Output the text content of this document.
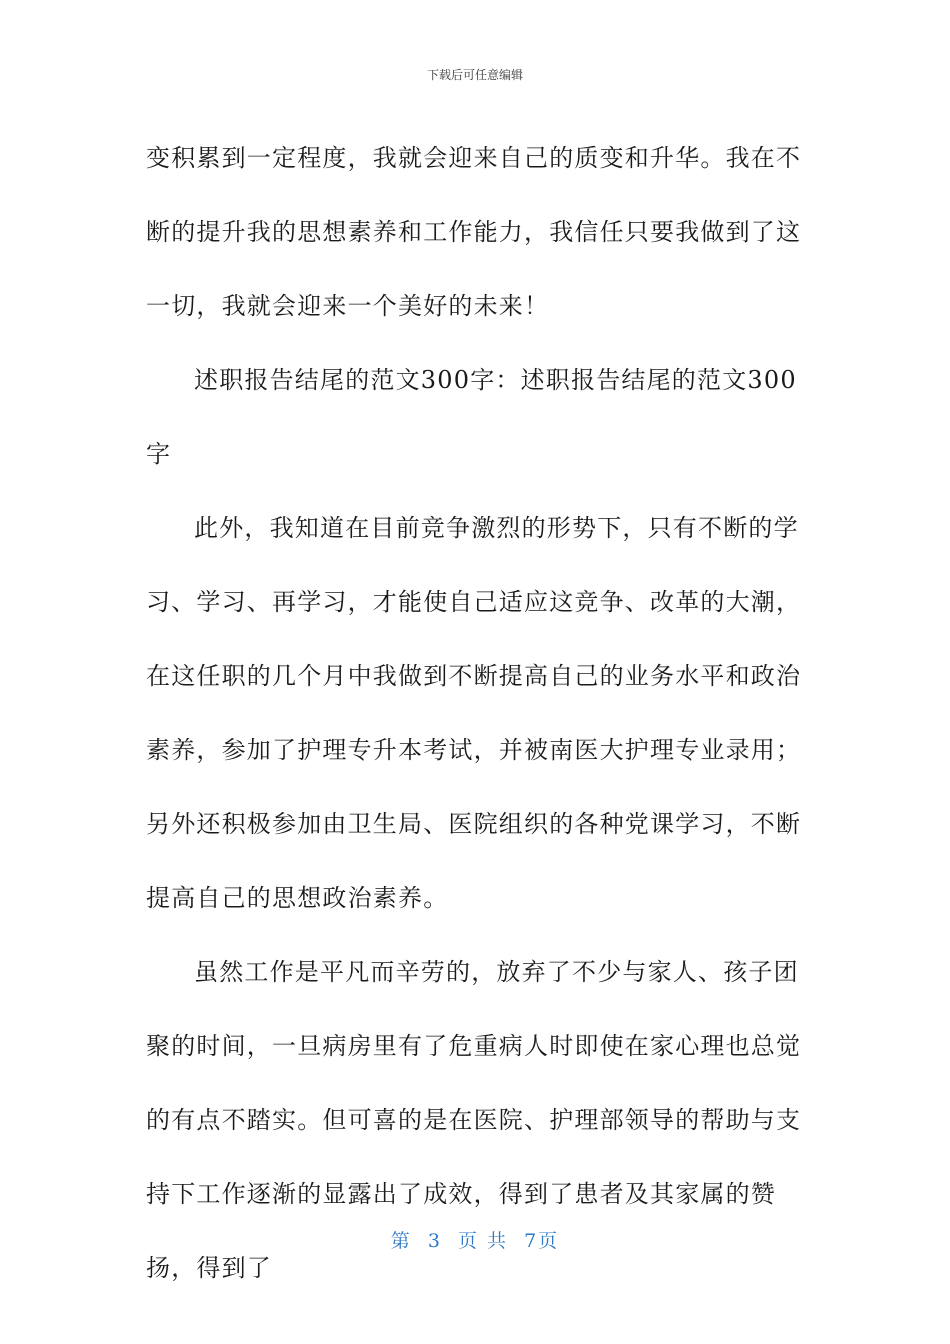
下载后可任意编辑

变积累到一定程度，我就会迎来自己的质变和升华。我在不断的提升我的思想素养和工作能力，我信任只要我做到了这一切，我就会迎来一个美好的未来！

述职报告结尾的范文300字：述职报告结尾的范文300字

此外，我知道在目前竞争激烈的形势下，只有不断的学习、学习、再学习，才能使自己适应这竞争、改革的大潮，在这任职的几个月中我做到不断提高自己的业务水平和政治素养，参加了护理专升本考试，并被南医大护理专业录用；另外还积极参加由卫生局、医院组织的各种党课学习，不断提高自己的思想政治素养。

虽然工作是平凡而辛劳的，放弃了不少与家人、孩子团聚的时间，一旦病房里有了危重病人时即使在家心理也总觉的有点不踏实。但可喜的是在医院、护理部领导的帮助与支持下工作逐渐的显露出了成效，得到了患者及其家属的赞扬，得到了

第 3 页 共 7页
